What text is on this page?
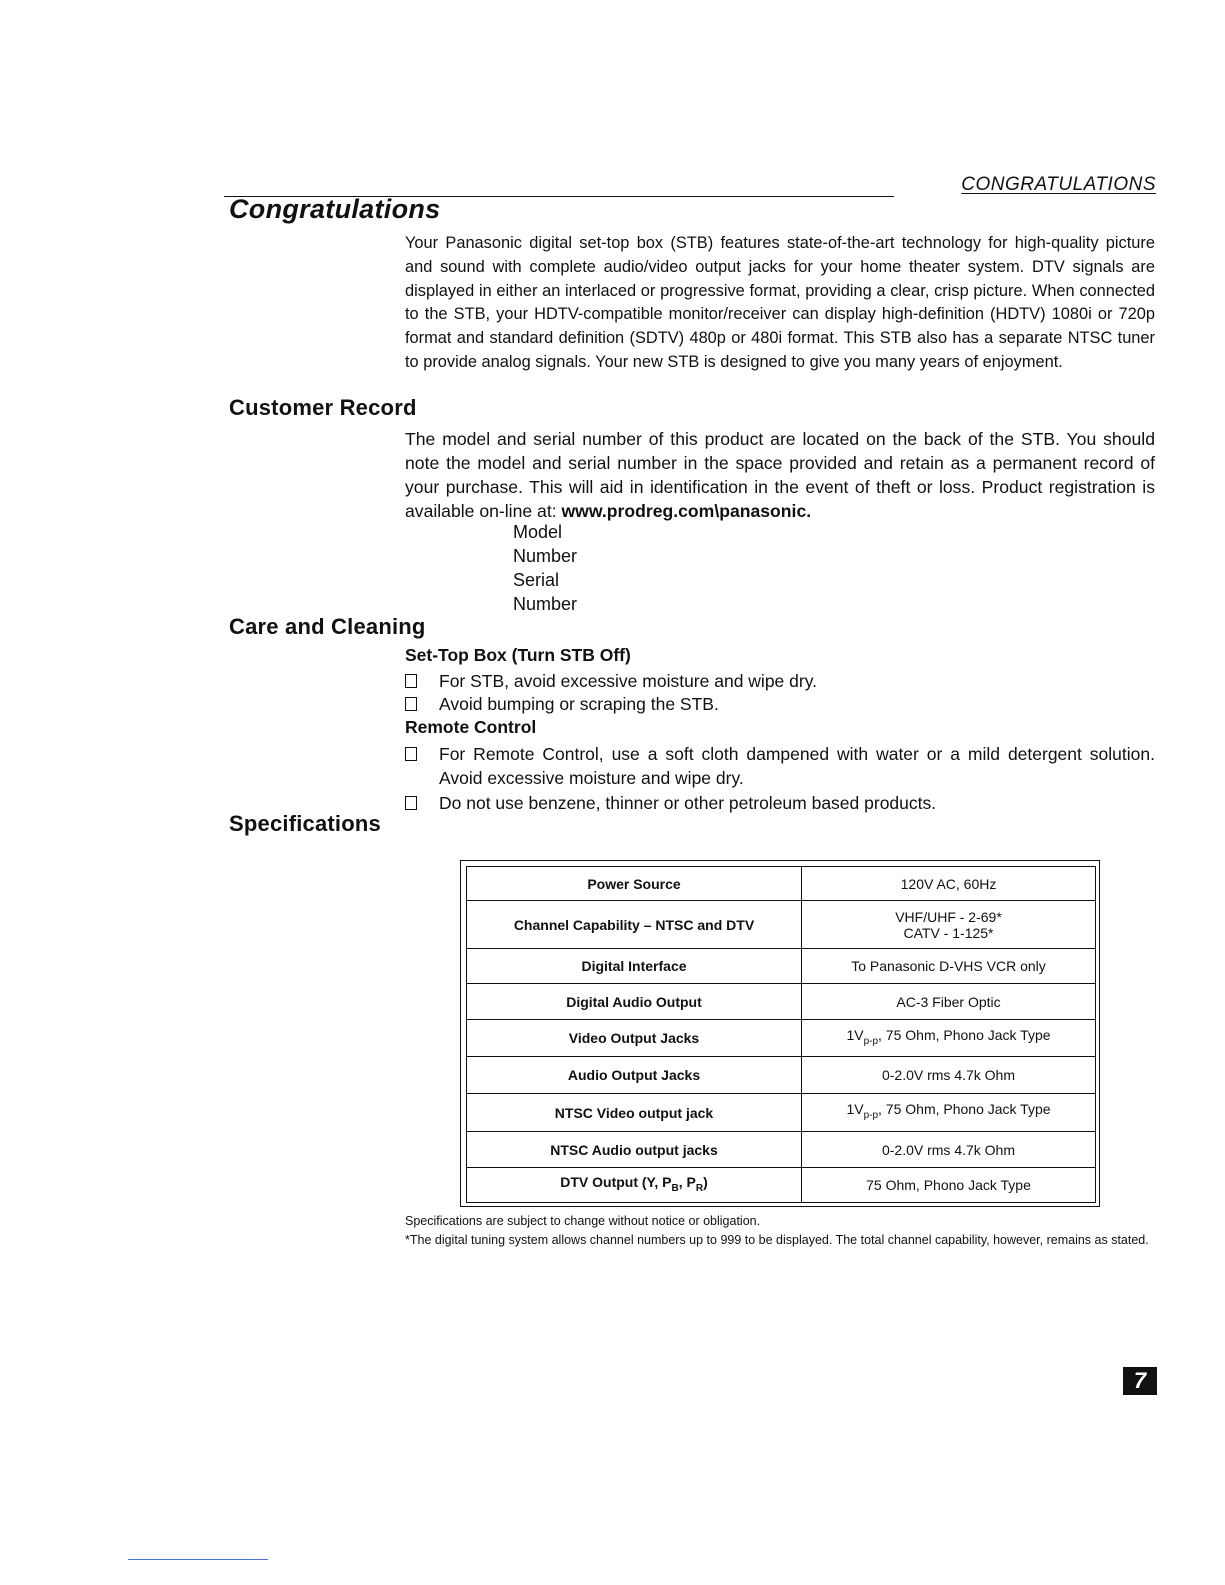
CONGRATULATIONS
Congratulations
Your Panasonic digital set-top box (STB) features state-of-the-art technology for high-quality picture and sound with complete audio/video output jacks for your home theater system. DTV signals are displayed in either an interlaced or progressive format, providing a clear, crisp picture. When connected to the STB, your HDTV-compatible monitor/receiver can display high-definition (HDTV) 1080i or 720p format and standard definition (SDTV) 480p or 480i format. This STB also has a separate NTSC tuner to provide analog signals. Your new STB is designed to give you many years of enjoyment.
Customer Record
The model and serial number of this product are located on the back of the STB. You should note the model and serial number in the space provided and retain as a permanent record of your purchase. This will aid in identification in the event of theft or loss. Product registration is available on-line at: www.prodreg.com\panasonic.
Model
Number
Serial
Number
Care and Cleaning
Set-Top Box (Turn STB Off)
For STB, avoid excessive moisture and wipe dry.
Avoid bumping or scraping the STB.
Remote Control
For Remote Control, use a soft cloth dampened with water or a mild detergent solution. Avoid excessive moisture and wipe dry.
Do not use benzene, thinner or other petroleum based products.
Specifications
Power Source	120V AC, 60Hz
Channel Capability – NTSC and DTV	VHF/UHF - 2-69*
CATV - 1-125*

Digital Interface	To Panasonic D-VHS VCR only
Digital Audio Output	AC-3 Fiber Optic
Video Output Jacks	$1V_{p-p}$, 75 Ohm, Phono Jack Type
Audio Output Jacks	0-2.0V rms 4.7k Ohm
NTSC Video output jack	$1V_{p-p}$, 75 Ohm, Phono Jack Type
NTSC Audio output jacks	0-2.0V rms 4.7k Ohm
DTV Output (Y, $P_B$, $P_R$)	75 Ohm, Phono Jack Type
Specifications are subject to change without notice or obligation.
*The digital tuning system allows channel numbers up to 999 to be displayed. The total channel capability, however, remains as stated.
7
